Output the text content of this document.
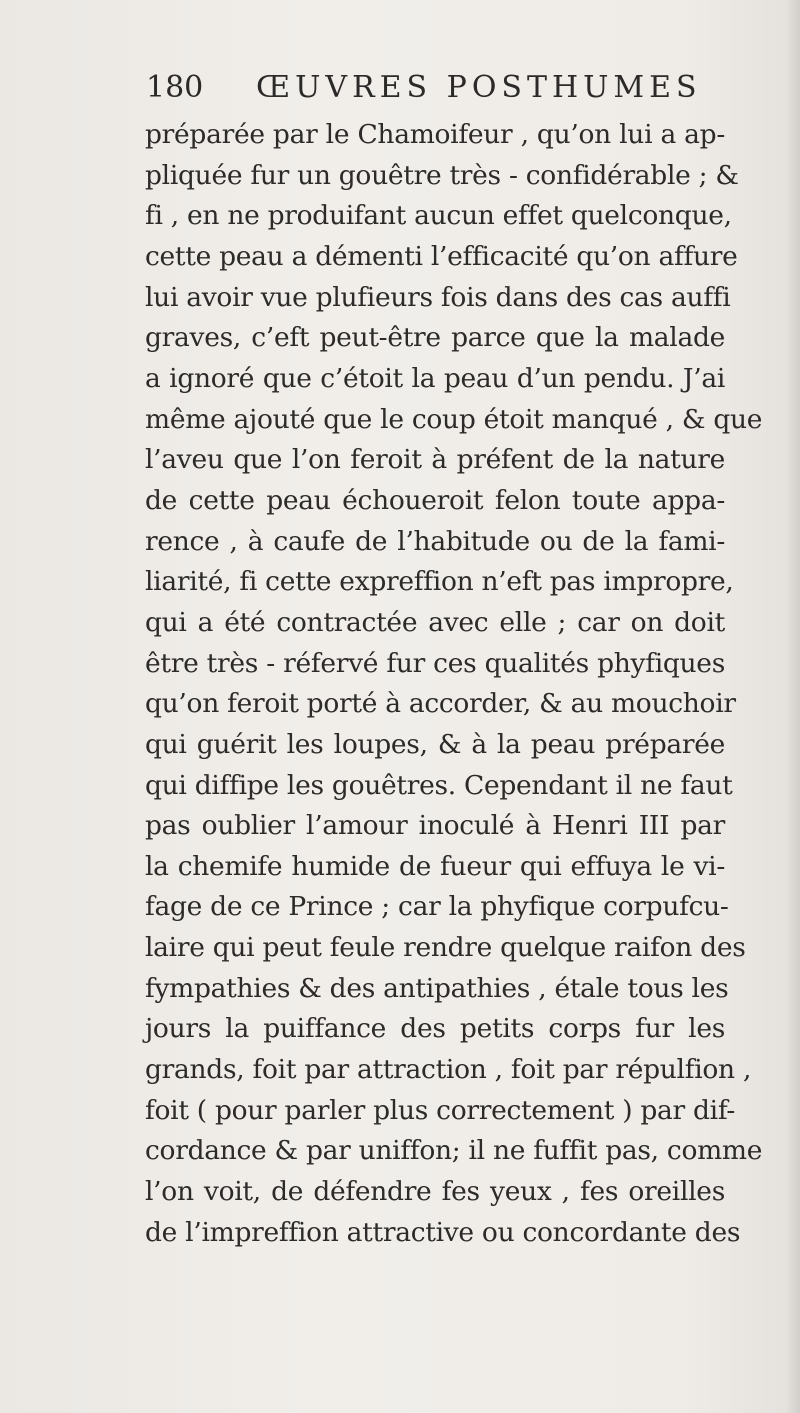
180 ŒUVRES POSTHUMES
préparée par le Chamoifeur , qu’on lui a ap-
pliquée fur un gouêtre très - confidérable ; &
fi , en ne produifant aucun effet quelconque,
cette peau a démenti l’efficacité qu’on affure
lui avoir vue plufieurs fois dans des cas auffi
graves, c’eft peut-être parce que la malade
a ignoré que c’étoit la peau d’un pendu. J’ai
même ajouté que le coup étoit manqué , & que
l’aveu que l’on feroit à préfent de la nature
de cette peau échoueroit felon toute appa-
rence , à caufe de l’habitude ou de la fami-
liarité, fi cette expreffion n’eft pas impropre,
qui a été contractée avec elle ; car on doit
être très - réfervé fur ces qualités phyfiques
qu’on feroit porté à accorder, & au mouchoir
qui guérit les loupes, & à la peau préparée
qui diffipe les gouêtres. Cependant il ne faut
pas oublier l’amour inoculé à Henri III par
la chemife humide de fueur qui effuya le vi-
fage de ce Prince ; car la phyfique corpufcu-
laire qui peut feule rendre quelque raifon des
fympathies & des antipathies , étale tous les
jours la puiffance des petits corps fur les
grands, foit par attraction , foit par répulfion ,
foit ( pour parler plus correctement ) par dif-
cordance & par uniffon; il ne fuffit pas, comme
l’on voit, de défendre fes yeux , fes oreilles
de l’impreffion attractive ou concordante des
